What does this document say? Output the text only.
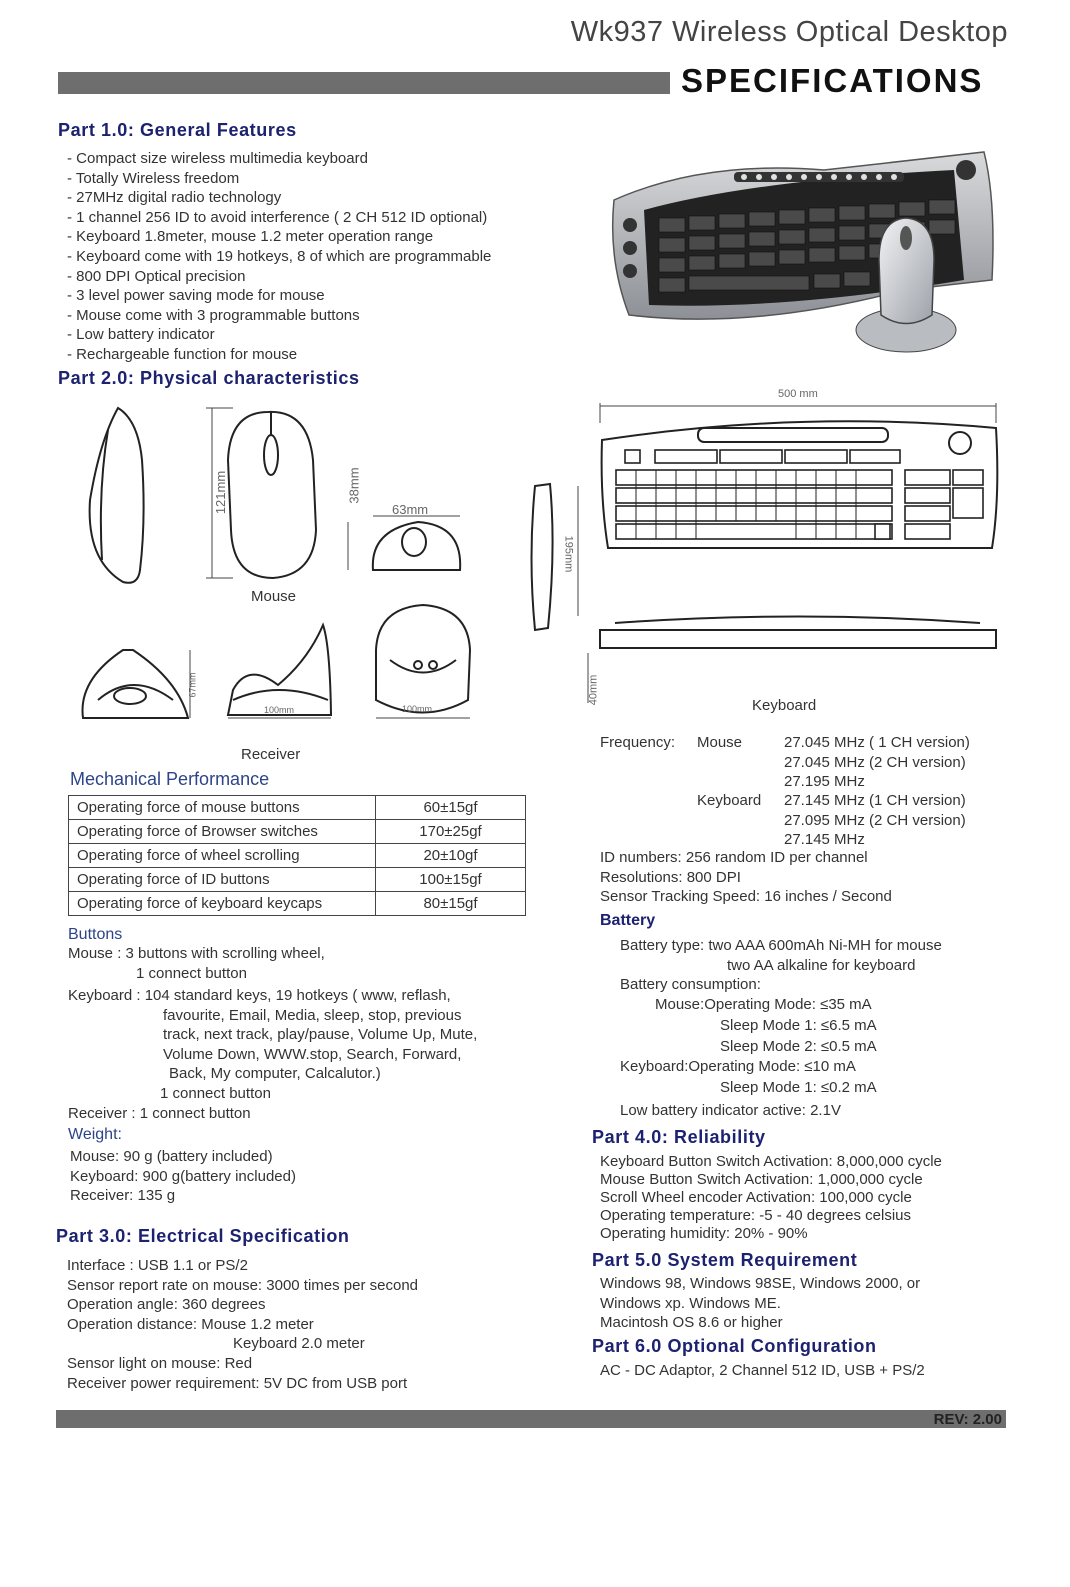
Wk937 Wireless Optical Desktop
SPECIFICATIONS
Part 1.0: General Features
- Compact size wireless multimedia keyboard
- Totally Wireless freedom
- 27MHz digital radio technology
- 1 channel 256 ID to avoid interference ( 2 CH 512 ID optional)
- Keyboard 1.8meter, mouse 1.2 meter operation range
- Keyboard come with 19 hotkeys, 8 of which are programmable
- 800 DPI Optical precision
- 3 level power saving mode for mouse
- Mouse come with 3 programmable buttons
- Low battery indicator
- Rechargeable function for mouse
Part 2.0: Physical characteristics
121mm	38mm
63mm
Mouse
67mm
100mm	100mm
Receiver
500 mm
195mm
40mm
Keyboard
Mechanical Performance
Operating force of mouse buttons	60±15gf
Operating force of Browser switches	170±25gf
Operating force of wheel scrolling	20±10gf
Operating force of ID buttons	100±15gf
Operating force of keyboard keycaps	80±15gf
Buttons
Mouse : 3 buttons with scrolling wheel,
1 connect button
Keyboard : 104 standard keys, 19 hotkeys ( www, reflash,
favourite, Email, Media, sleep, stop, previous
track, next track, play/pause, Volume Up, Mute,
Volume Down, WWW.stop, Search, Forward,
Back, My computer, Calcalutor.)
1 connect button
Receiver : 1 connect button
Weight:
Mouse: 90 g (battery included)
Keyboard: 900 g(battery included)
Receiver: 135 g
Part 3.0: Electrical Specification
Interface : USB 1.1 or PS/2
Sensor report rate on mouse: 3000 times per second
Operation angle: 360 degrees
Operation distance: Mouse 1.2 meter
Keyboard 2.0 meter
Sensor light on mouse: Red
Receiver power requirement: 5V DC from USB port
Frequency: Mouse	27.045 MHz ( 1 CH version)
27.045 MHz (2 CH version)
27.195 MHz
Keyboard 27.145 MHz (1 CH version)
27.095 MHz (2 CH version)
27.145 MHz
ID numbers: 256 random ID per channel
Resolutions: 800 DPI
Sensor Tracking Speed: 16 inches / Second
Battery
Battery type: two AAA 600mAh Ni-MH for mouse
two AA alkaline for keyboard
Battery consumption:
Mouse:Operating Mode: ≤35 mA
Sleep Mode 1: ≤6.5 mA
Sleep Mode 2: ≤0.5 mA
Keyboard:Operating Mode: ≤10 mA
Sleep Mode 1: ≤0.2 mA
Low battery indicator active: 2.1V
Part 4.0: Reliability
Keyboard Button Switch Activation: 8,000,000 cycle
Mouse Button Switch Activation: 1,000,000 cycle
Scroll Wheel encoder Activation: 100,000 cycle
Operating temperature: -5 - 40 degrees celsius
Operating humidity: 20% - 90%
Part 5.0 System Requirement
Windows 98, Windows 98SE, Windows 2000, or
Windows xp. Windows ME.
Macintosh OS 8.6 or higher
Part 6.0 Optional Configuration
AC - DC Adaptor, 2 Channel 512 ID, USB + PS/2
REV: 2.00
